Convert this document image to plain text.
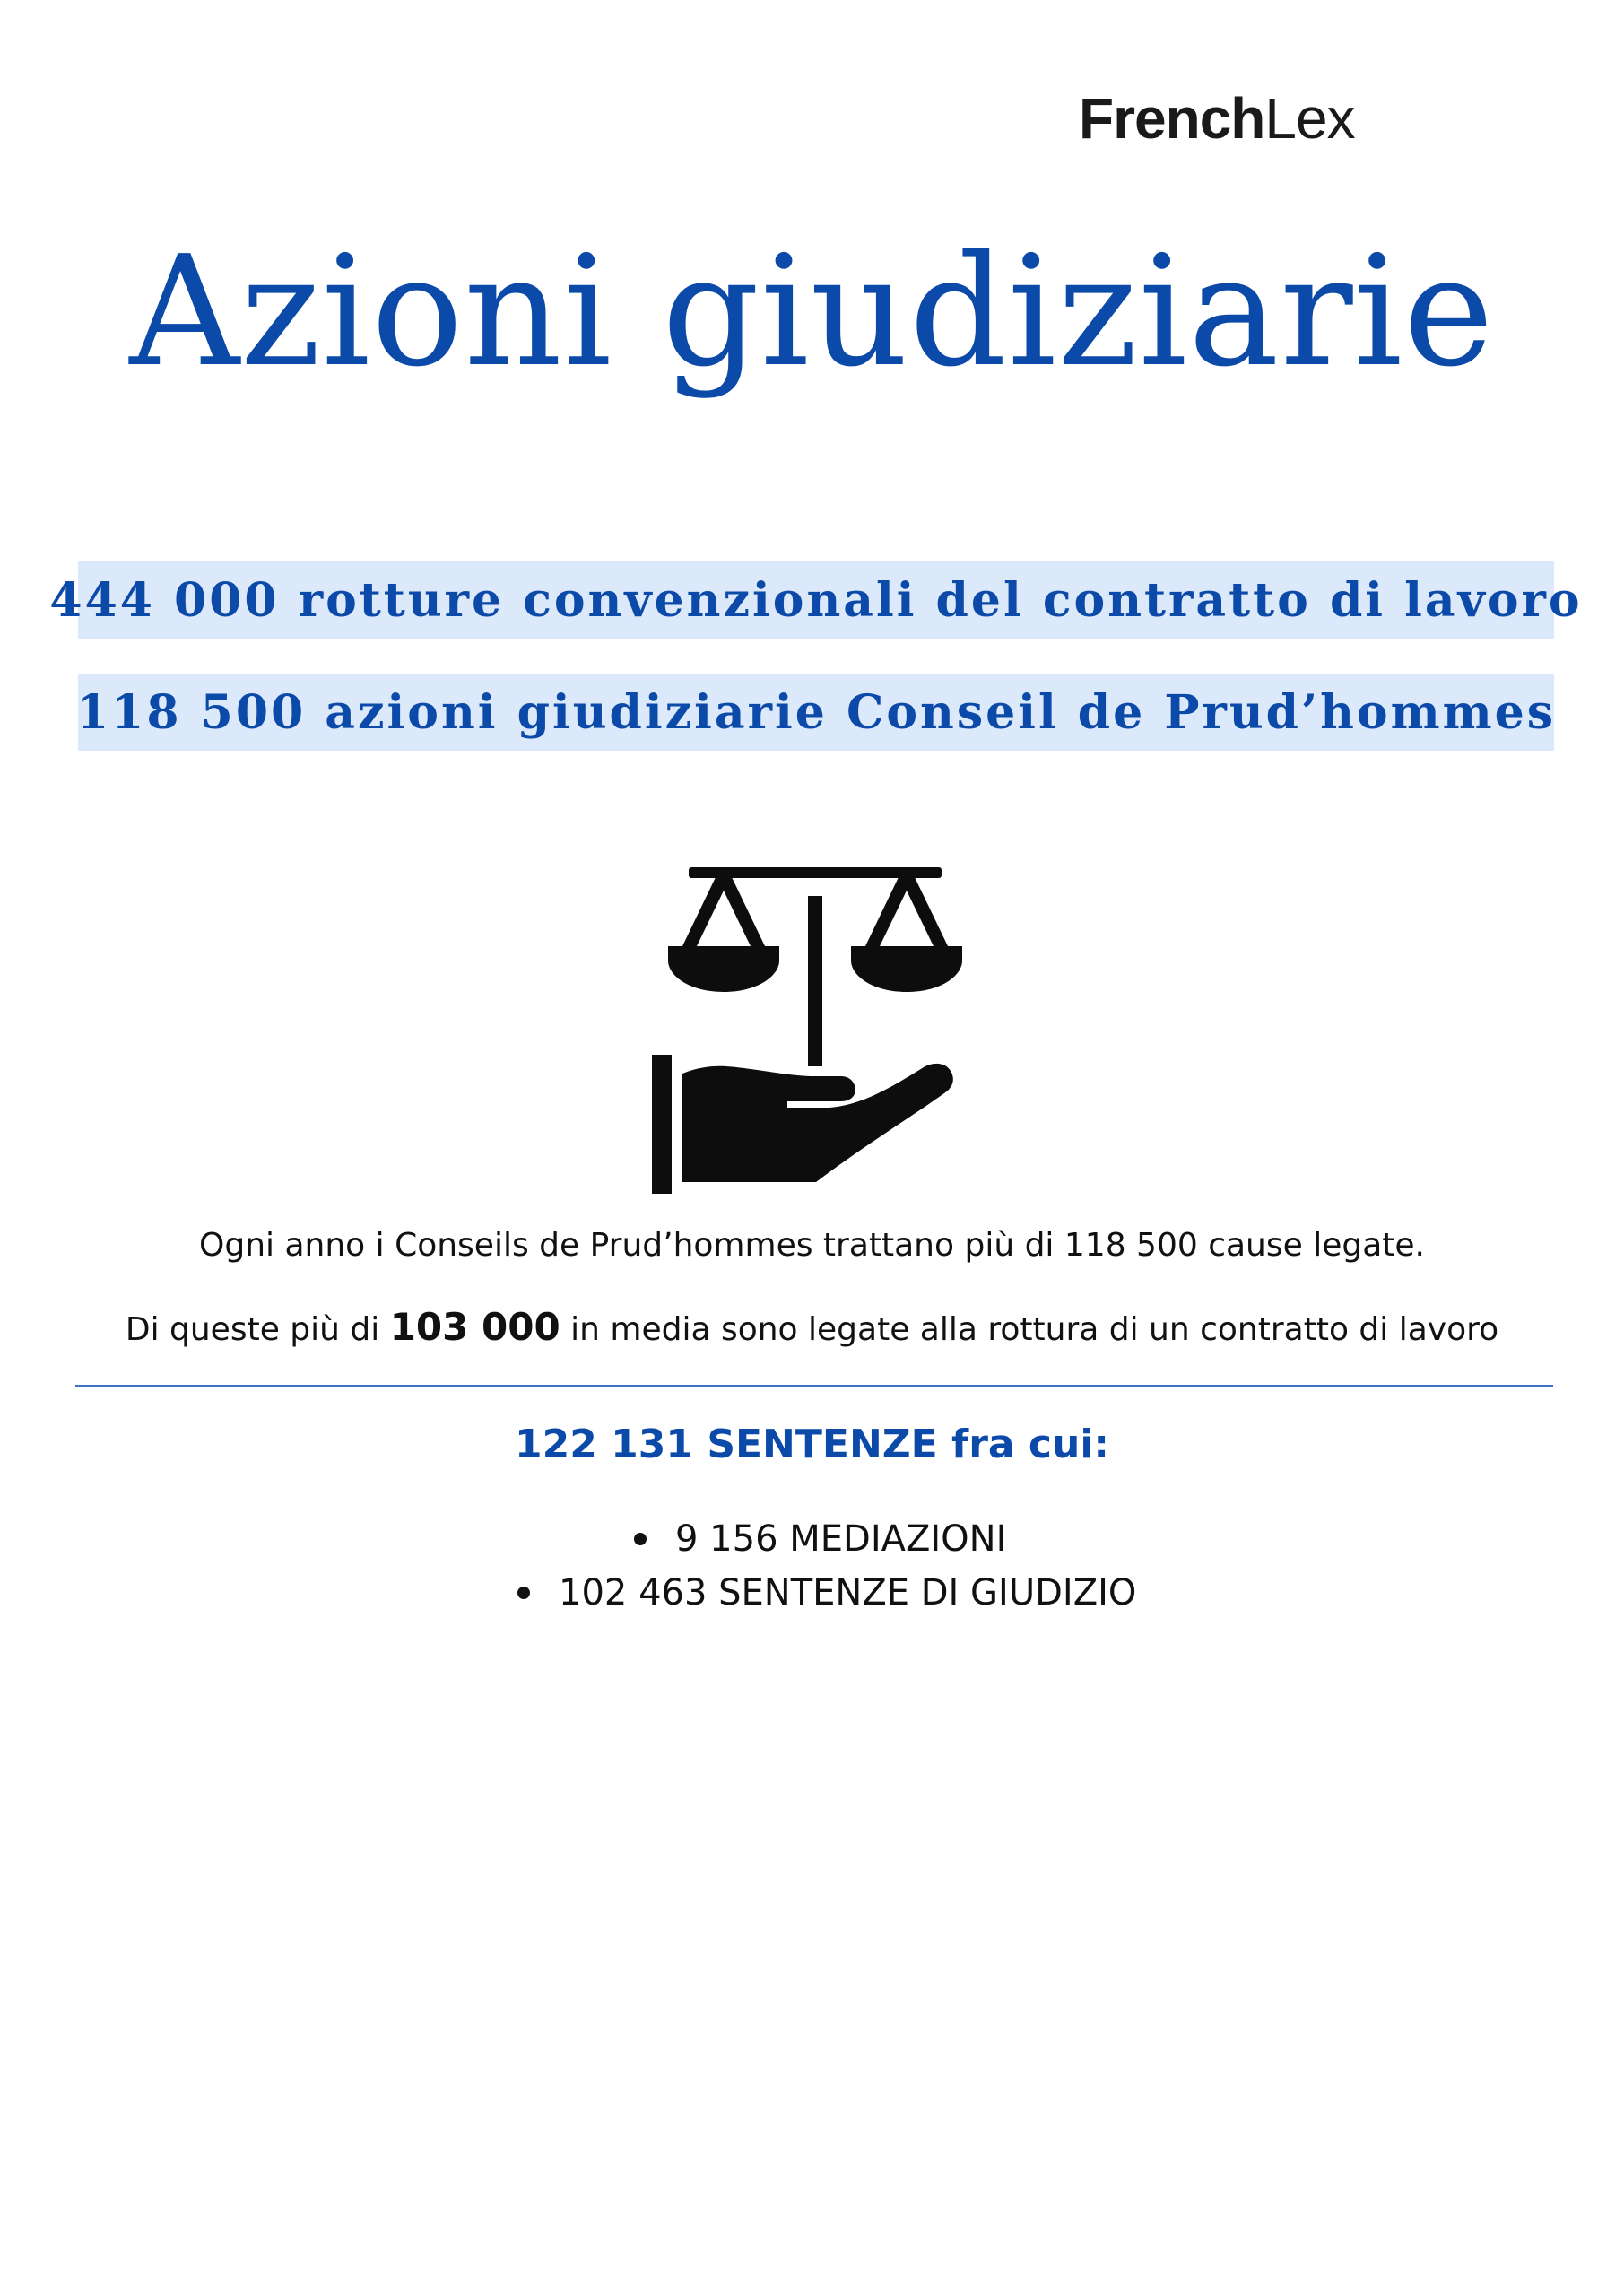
FrenchLex
Azioni giudiziarie
444 000 rotture convenzionali del contratto di lavoro
118 500 azioni giudiziarie Conseil de Prud’hommes
Ogni anno i Conseils de Prud’hommes trattano più di 118 500 cause legate.
Di queste più di 103 000 in media sono legate alla rottura di un contratto di lavoro
122 131 SENTENZE fra cui:
9 156 MEDIAZIONI
102 463 SENTENZE DI GIUDIZIO
